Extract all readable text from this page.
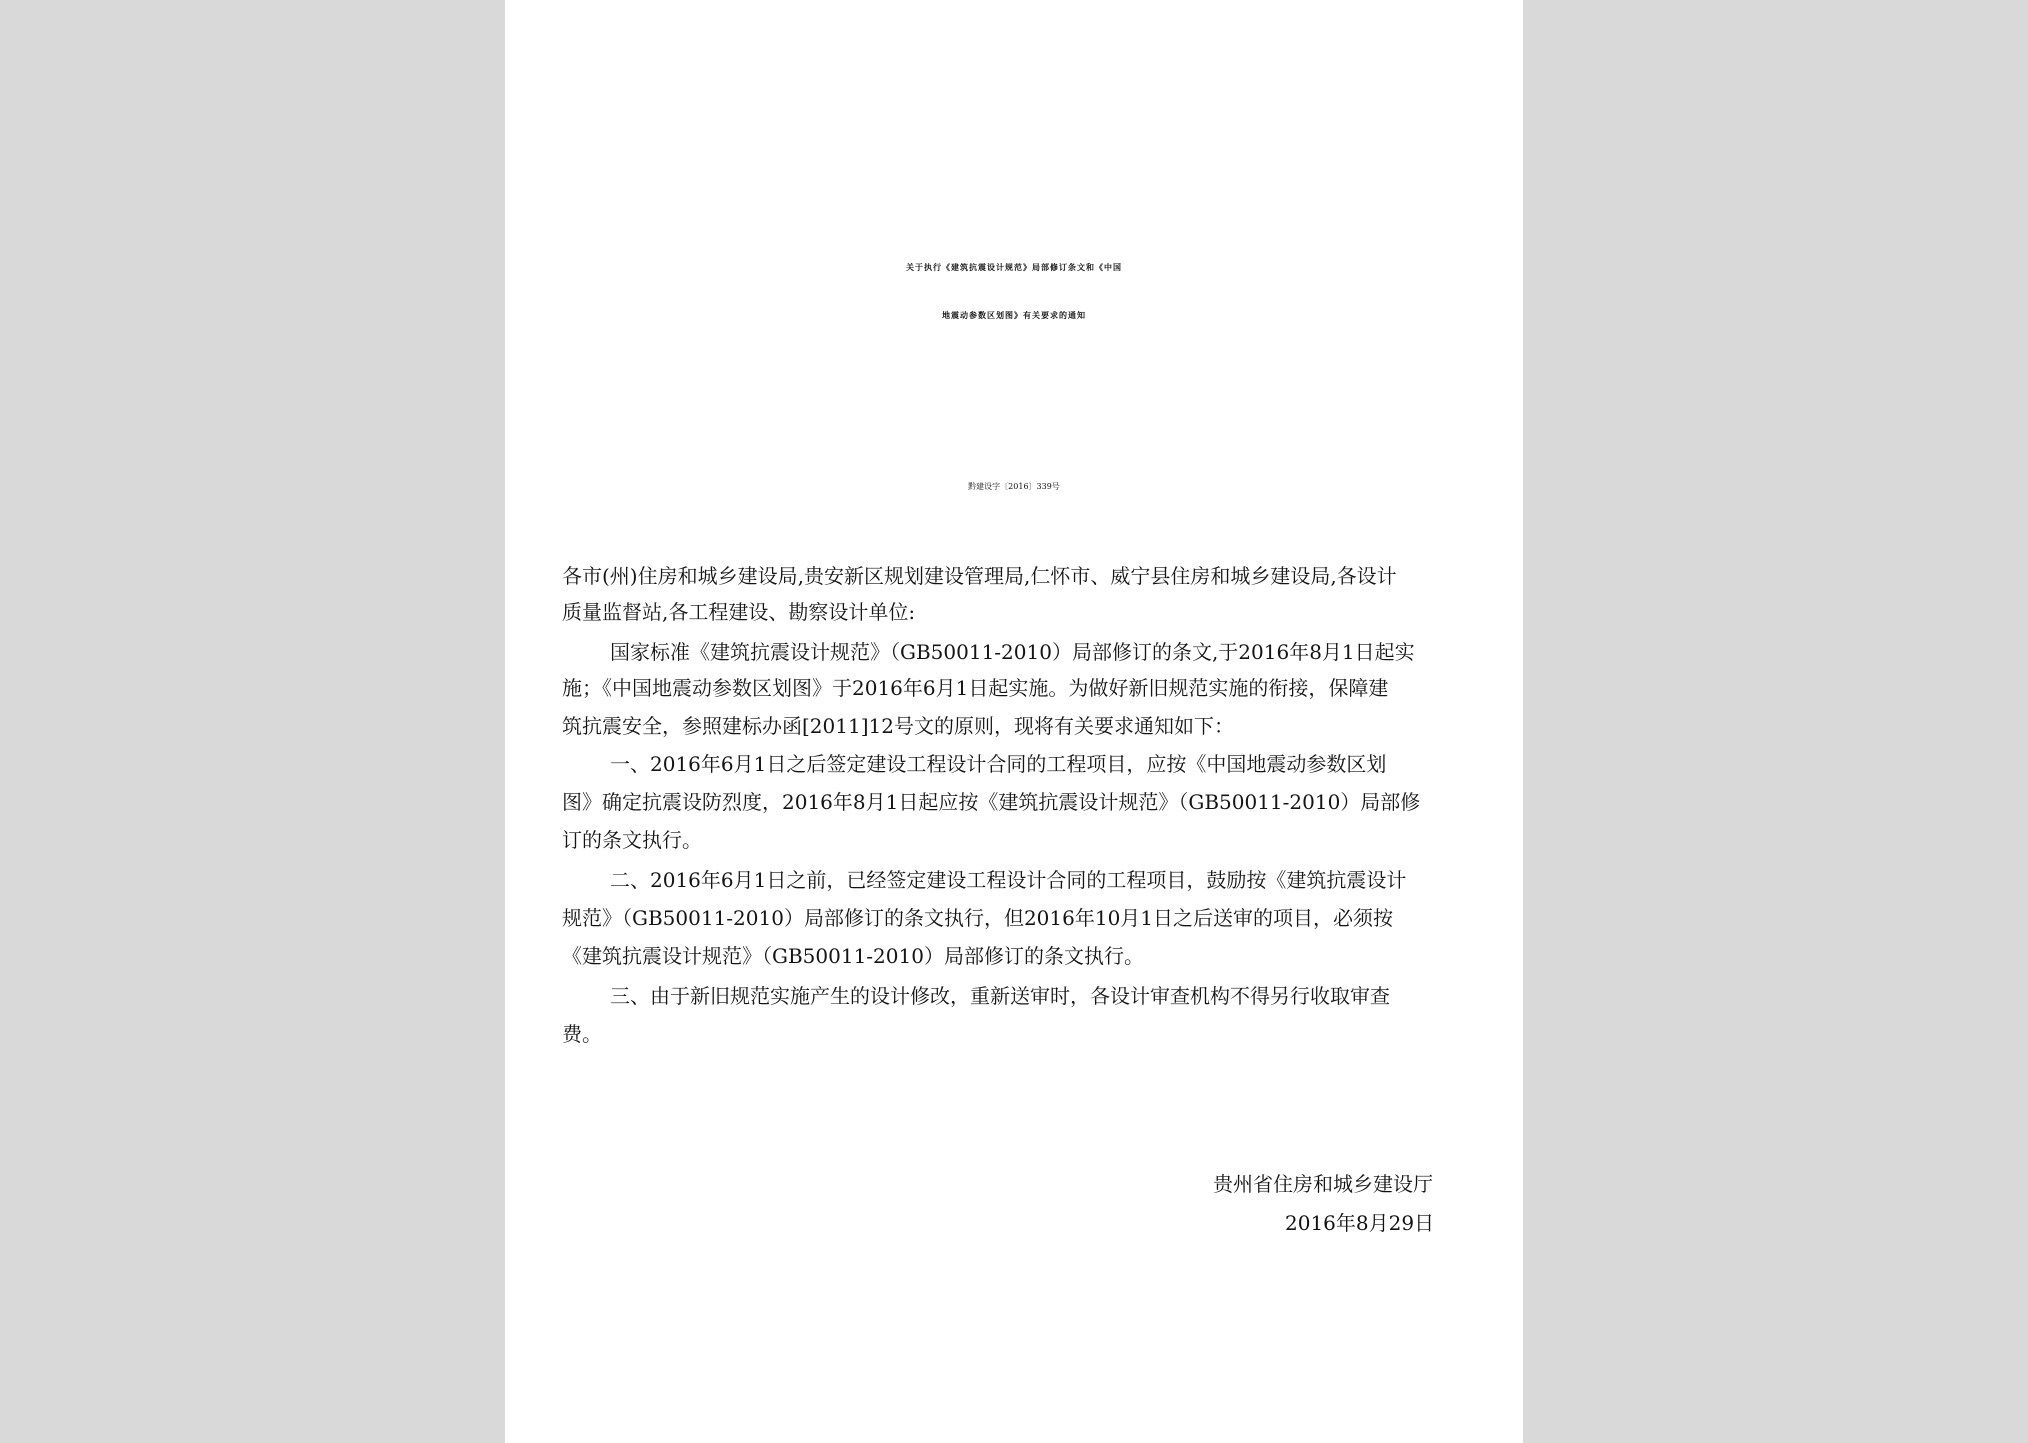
关于执行《建筑抗震设计规范》局部修订条文和《中国
地震动参数区划图》有关要求的通知
黔建设字〔2016〕339号
各市(州)住房和城乡建设局,贵安新区规划建设管理局,仁怀市、威宁县住房和城乡建设局,各设计
质量监督站,各工程建设、勘察设计单位:
国家标准《建筑抗震设计规范》（GB50011-2010）局部修订的条文,于2016年8月1日起实
施；《中国地震动参数区划图》于2016年6月1日起实施。为做好新旧规范实施的衔接，保障建
筑抗震安全，参照建标办函[2011]12号文的原则，现将有关要求通知如下：
一、2016年6月1日之后签定建设工程设计合同的工程项目，应按《中国地震动参数区划
图》确定抗震设防烈度，2016年8月1日起应按《建筑抗震设计规范》（GB50011-2010）局部修
订的条文执行。
二、2016年6月1日之前，已经签定建设工程设计合同的工程项目，鼓励按《建筑抗震设计
规范》（GB50011-2010）局部修订的条文执行，但2016年10月1日之后送审的项目，必须按
《建筑抗震设计规范》（GB50011-2010）局部修订的条文执行。
三、由于新旧规范实施产生的设计修改，重新送审时，各设计审查机构不得另行收取审查
费。
贵州省住房和城乡建设厅
2016年8月29日
